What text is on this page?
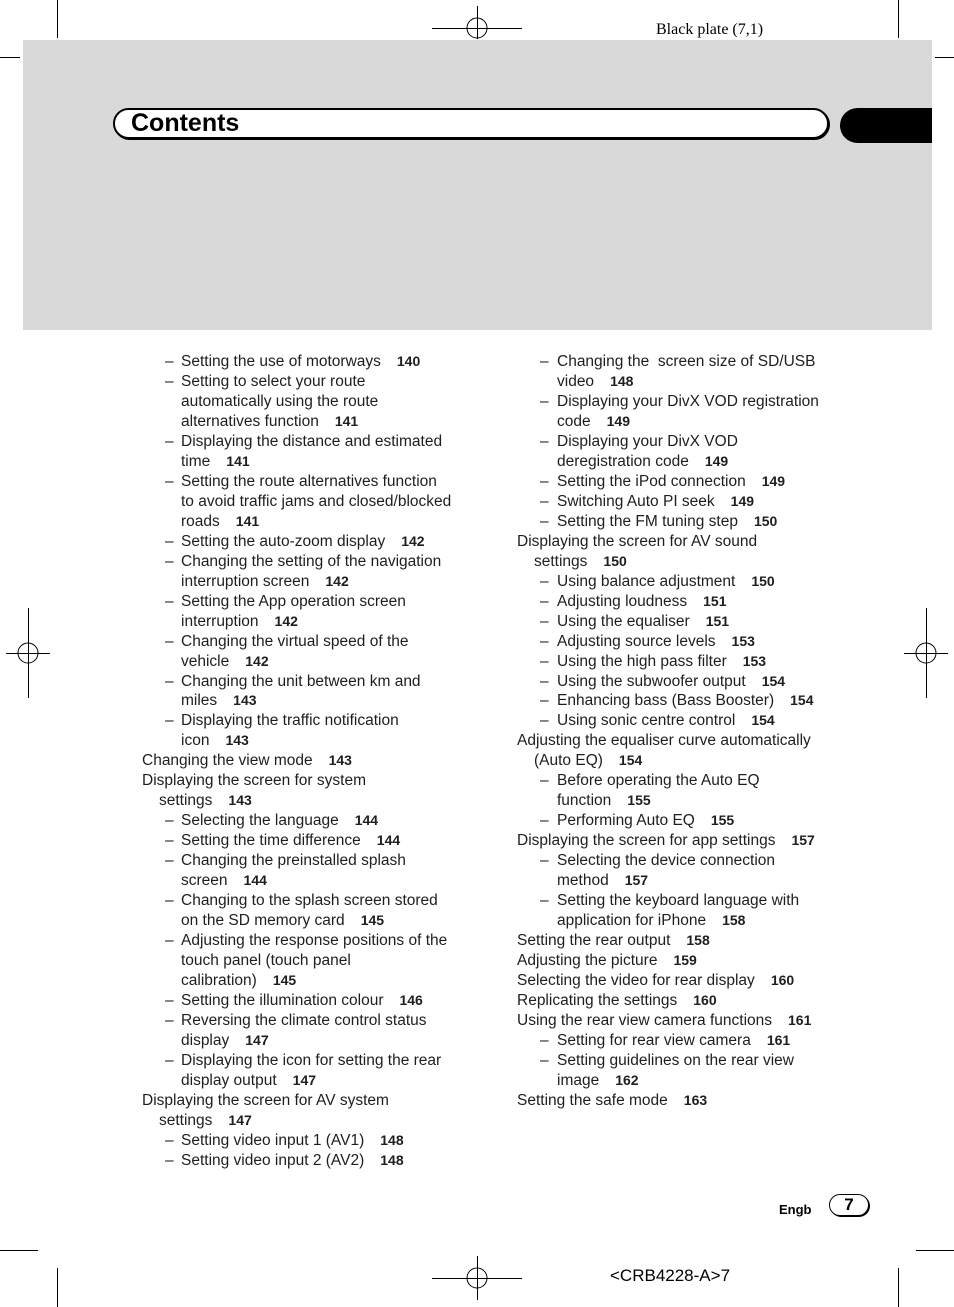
Black plate (7,1)
Contents
– Setting the use of motorways 140
– Setting to select your route
automatically using the route
alternatives function 141
– Displaying the distance and estimated
time 141
– Setting the route alternatives function
to avoid traffic jams and closed/blocked
roads 141
– Setting the auto-zoom display 142
– Changing the setting of the navigation
interruption screen 142
– Setting the App operation screen
interruption 142
– Changing the virtual speed of the
vehicle 142
– Changing the unit between km and
miles 143
– Displaying the traffic notification
icon 143
Changing the view mode 143
Displaying the screen for system
settings 143
– Selecting the language 144
– Setting the time difference 144
– Changing the preinstalled splash
screen 144
– Changing to the splash screen stored
on the SD memory card 145
– Adjusting the response positions of the
touch panel (touch panel
calibration) 145
– Setting the illumination colour 146
– Reversing the climate control status
display 147
– Displaying the icon for setting the rear
display output 147
Displaying the screen for AV system
settings 147
– Setting video input 1 (AV1) 148
– Setting video input 2 (AV2) 148
– Changing the  screen size of SD/USB
video 148
– Displaying your DivX VOD registration
code 149
– Displaying your DivX VOD
deregistration code 149
– Setting the iPod connection 149
– Switching Auto PI seek 149
– Setting the FM tuning step 150
Displaying the screen for AV sound
settings 150
– Using balance adjustment 150
– Adjusting loudness 151
– Using the equaliser 151
– Adjusting source levels 153
– Using the high pass filter 153
– Using the subwoofer output 154
– Enhancing bass (Bass Booster) 154
– Using sonic centre control 154
Adjusting the equaliser curve automatically
(Auto EQ) 154
– Before operating the Auto EQ
function 155
– Performing Auto EQ 155
Displaying the screen for app settings 157
– Selecting the device connection
method 157
– Setting the keyboard language with
application for iPhone 158
Setting the rear output 158
Adjusting the picture 159
Selecting the video for rear display 160
Replicating the settings 160
Using the rear view camera functions 161
– Setting for rear view camera 161
– Setting guidelines on the rear view
image 162
Setting the safe mode 163
Engb	7
<CRB4228-A>7
